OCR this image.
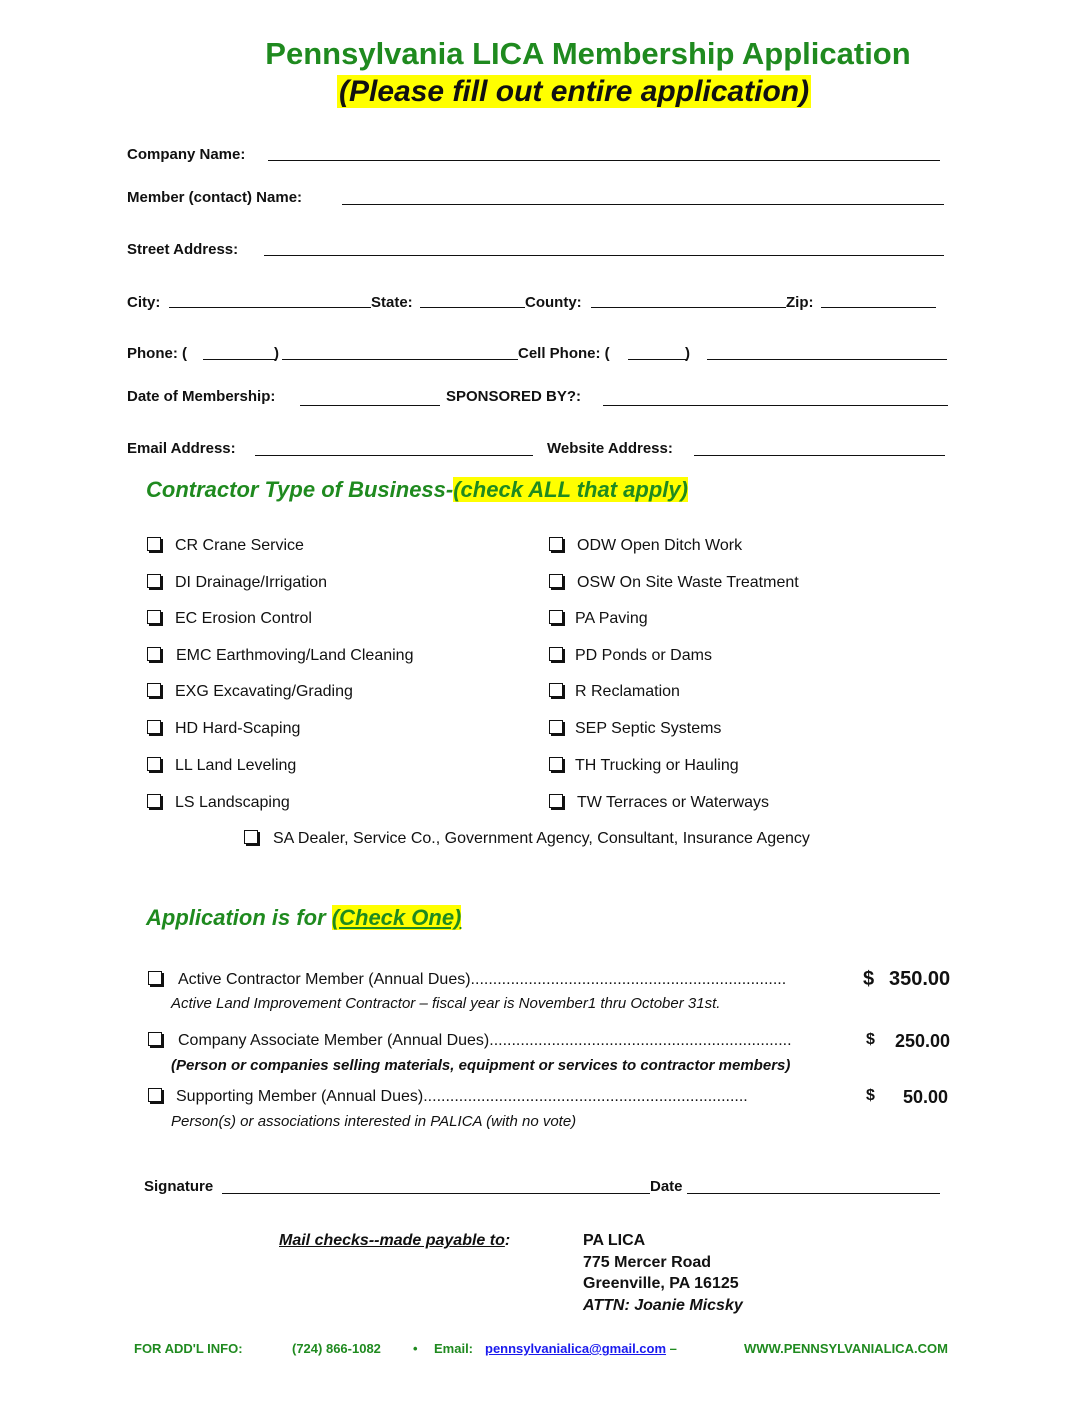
Pennsylvania LICA Membership Application
(Please fill out entire application)
Company Name:
Member (contact) Name:
Street Address:
City:	State:	County:	Zip:
Phone: (	)	Cell Phone: (	)
Date of Membership:	SPONSORED BY?:
Email Address:	Website Address:
Contractor Type of Business-(check ALL that apply)
CR Crane Service
DI Drainage/Irrigation
EC Erosion Control
EMC Earthmoving/Land Cleaning
EXG Excavating/Grading
HD Hard-Scaping
LL Land Leveling
LS Landscaping
ODW Open Ditch Work
OSW On Site Waste Treatment
PA Paving
PD Ponds or Dams
R Reclamation
SEP Septic Systems
TH Trucking or Hauling
TW Terraces or Waterways
SA Dealer, Service Co., Government Agency, Consultant, Insurance Agency
Application is for (Check One)
Active Contractor Member (Annual Dues).......................................................................	$ 350.00
Active Land Improvement Contractor – fiscal year is November1 thru October 31st.
Company Associate Member (Annual Dues)....................................................................	$ 250.00
(Person or companies selling materials, equipment or services to contractor members)
Supporting Member (Annual Dues).........................................................................	$ 50.00
Person(s) or associations interested in PALICA (with no vote)
Signature	Date
Mail checks--made payable to:	PA LICA
775 Mercer Road
Greenville, PA 16125
ATTN: Joanie Micsky
FOR ADD'L INFO:	(724) 866-1082 • Email: pennsylvanialica@gmail.com –	WWW.PENNSYLVANIALICA.COM
